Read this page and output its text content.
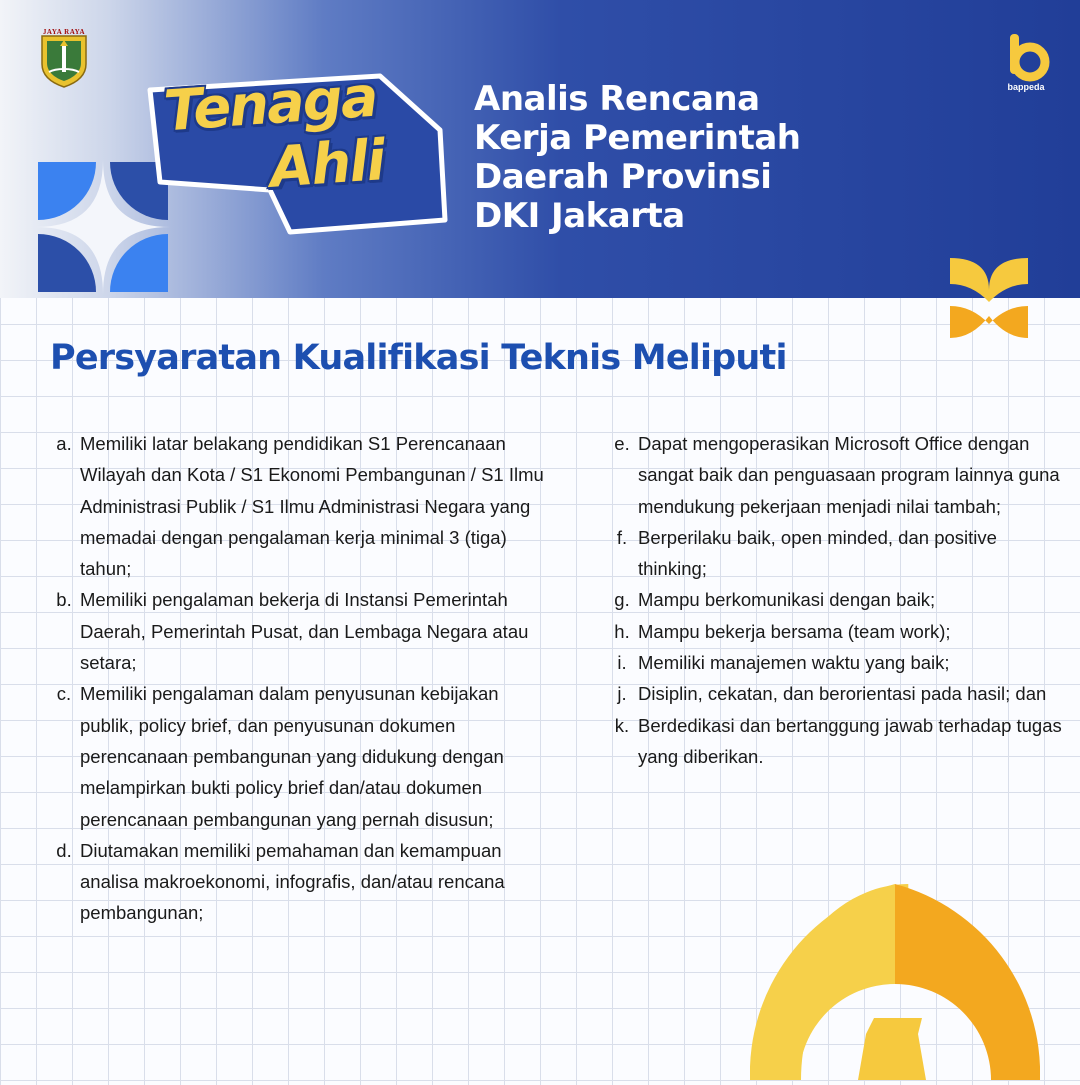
JAYA RAYA
Tenaga
Ahli
Analis Rencana
Kerja Pemerintah
Daerah Provinsi
DKI Jakarta
bappeda
Persyaratan Kualifikasi Teknis Meliputi
a. Memiliki latar belakang pendidikan S1 Perencanaan Wilayah dan Kota / S1 Ekonomi Pembangunan / S1 Ilmu Administrasi Publik / S1 Ilmu Administrasi Negara yang memadai dengan pengalaman kerja minimal 3 (tiga) tahun;
b. Memiliki pengalaman bekerja di Instansi Pemerintah Daerah, Pemerintah Pusat, dan Lembaga Negara atau setara;
c. Memiliki pengalaman dalam penyusunan kebijakan publik, policy brief, dan penyusunan dokumen perencanaan pembangunan yang didukung dengan melampirkan bukti policy brief dan/atau dokumen perencanaan pembangunan yang pernah disusun;
d. Diutamakan memiliki pemahaman dan kemampuan analisa makroekonomi, infografis, dan/atau rencana pembangunan;
e. Dapat mengoperasikan Microsoft Office dengan sangat baik dan penguasaan program lainnya guna mendukung pekerjaan menjadi nilai tambah;
f. Berperilaku baik, open minded, dan positive thinking;
g. Mampu berkomunikasi dengan baik;
h. Mampu bekerja bersama (team work);
i. Memiliki manajemen waktu yang baik;
j. Disiplin, cekatan, dan berorientasi pada hasil; dan
k. Berdedikasi dan bertanggung jawab terhadap tugas yang diberikan.
